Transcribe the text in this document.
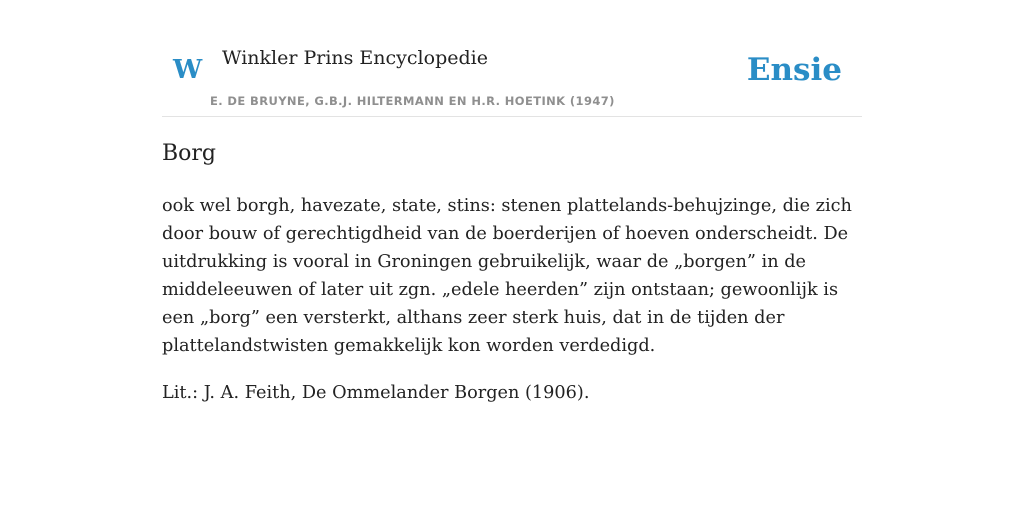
W Winkler Prins Encyclopedie
E. DE BRUYNE, G.B.J. HILTERMANN EN H.R. HOETINK (1947)
Ensie
Borg

ook wel borgh, havezate, state, stins: stenen plattelands-behujzinge, die zich door bouw of gerechtigdheid van de boerderijen of hoeven onderscheidt. De uitdrukking is vooral in Groningen gebruikelijk, waar de „borgen” in de middeleeuwen of later uit zgn. „edele heerden” zijn ontstaan; gewoonlijk is een „borg” een versterkt, althans zeer sterk huis, dat in de tijden der plattelandstwisten gemakkelijk kon worden verdedigd.

Lit.: J. A. Feith, De Ommelander Borgen (1906).
